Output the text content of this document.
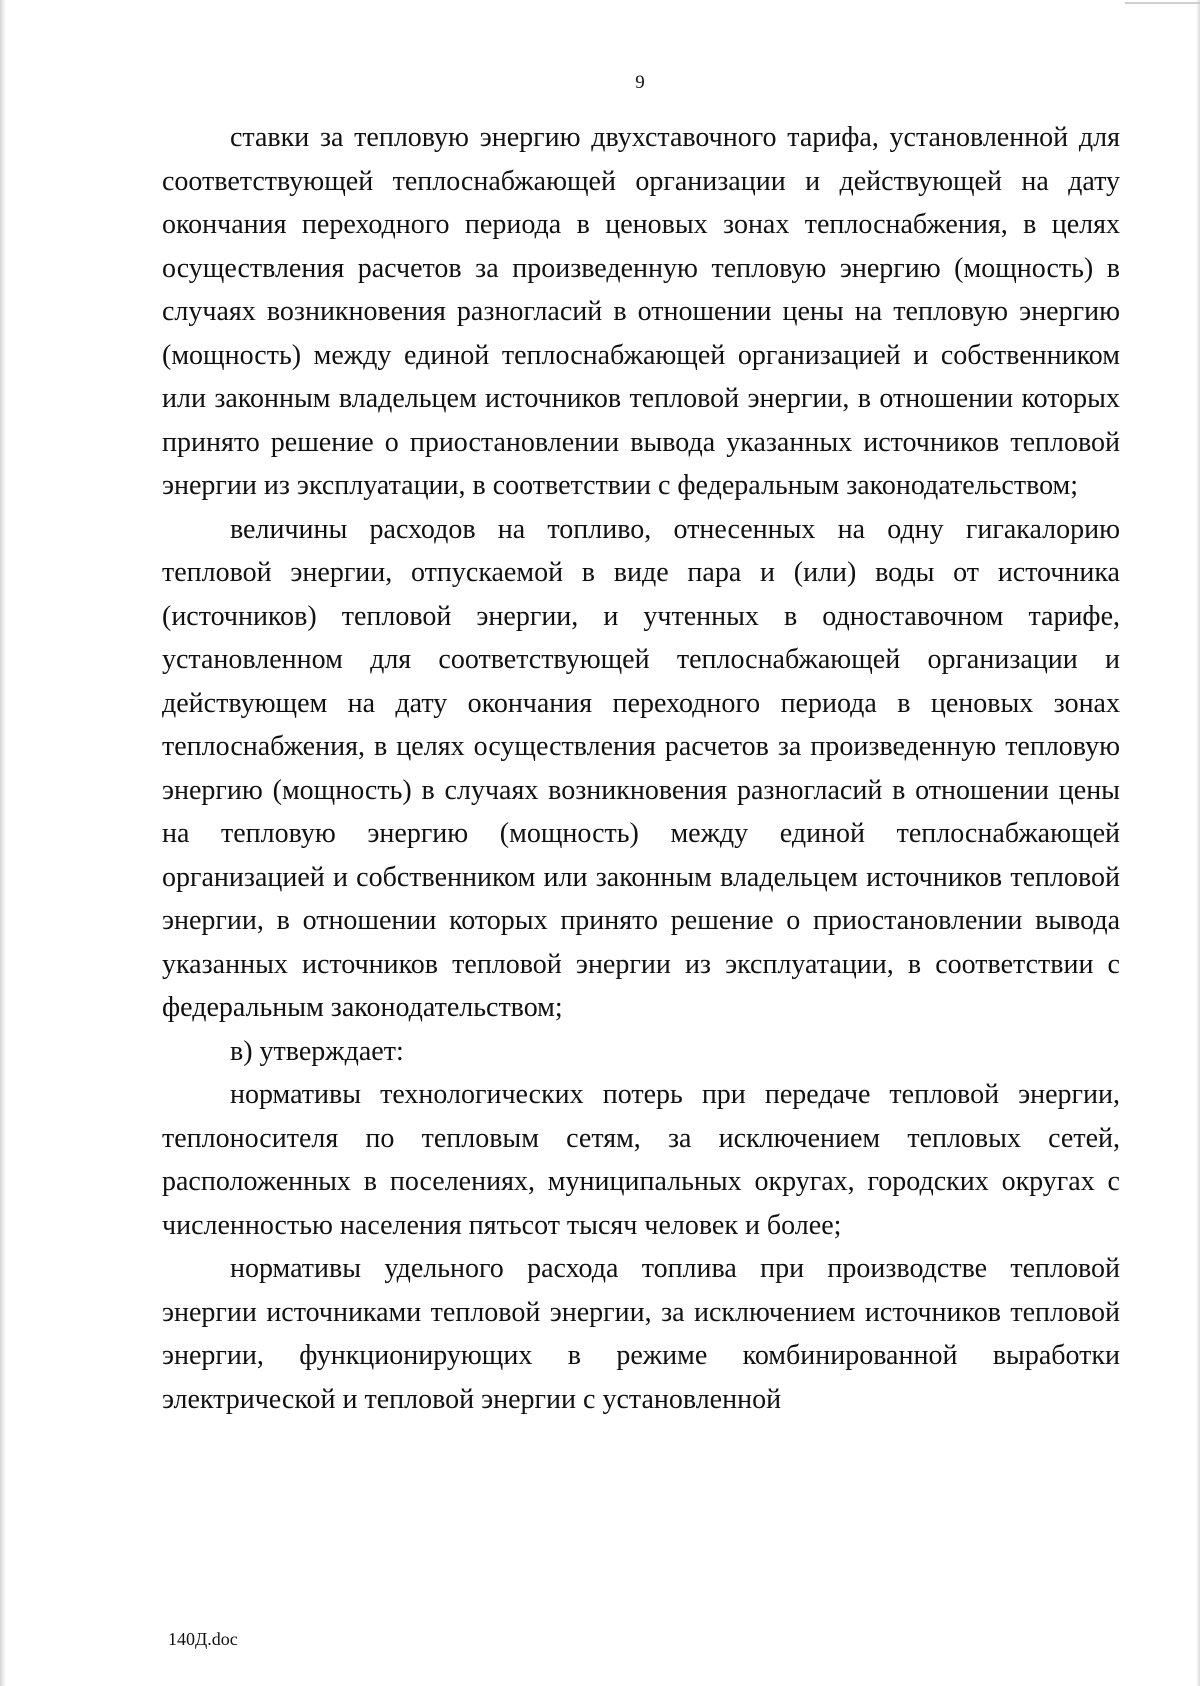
9

ставки за тепловую энергию двухставочного тарифа, установленной для соответствующей теплоснабжающей организации и действующей на дату окончания переходного периода в ценовых зонах теплоснабжения, в целях осуществления расчетов за произведенную тепловую энергию (мощность) в случаях возникновения разногласий в отношении цены на тепловую энергию (мощность) между единой теплоснабжающей организацией и собственником или законным владельцем источников тепловой энергии, в отношении которых принято решение о приостановлении вывода указанных источников тепловой энергии из эксплуатации, в соответствии с федеральным законодательством;

величины расходов на топливо, отнесенных на одну гигакалорию тепловой энергии, отпускаемой в виде пара и (или) воды от источника (источников) тепловой энергии, и учтенных в одноставочном тарифе, установленном для соответствующей теплоснабжающей организации и действующем на дату окончания переходного периода в ценовых зонах теплоснабжения, в целях осуществления расчетов за произведенную тепловую энергию (мощность) в случаях возникновения разногласий в отношении цены на тепловую энергию (мощность) между единой теплоснабжающей организацией и собственником или законным владельцем источников тепловой энергии, в отношении которых принято решение о приостановлении вывода указанных источников тепловой энергии из эксплуатации, в соответствии с федеральным законодательством;

в) утверждает:

нормативы технологических потерь при передаче тепловой энергии, теплоносителя по тепловым сетям, за исключением тепловых сетей, расположенных в поселениях, муниципальных округах, городских округах с численностью населения пятьсот тысяч человек и более;

нормативы удельного расхода топлива при производстве тепловой энергии источниками тепловой энергии, за исключением источников тепловой энергии, функционирующих в режиме комбинированной выработки электрической и тепловой энергии с установленной

140Д.doc
